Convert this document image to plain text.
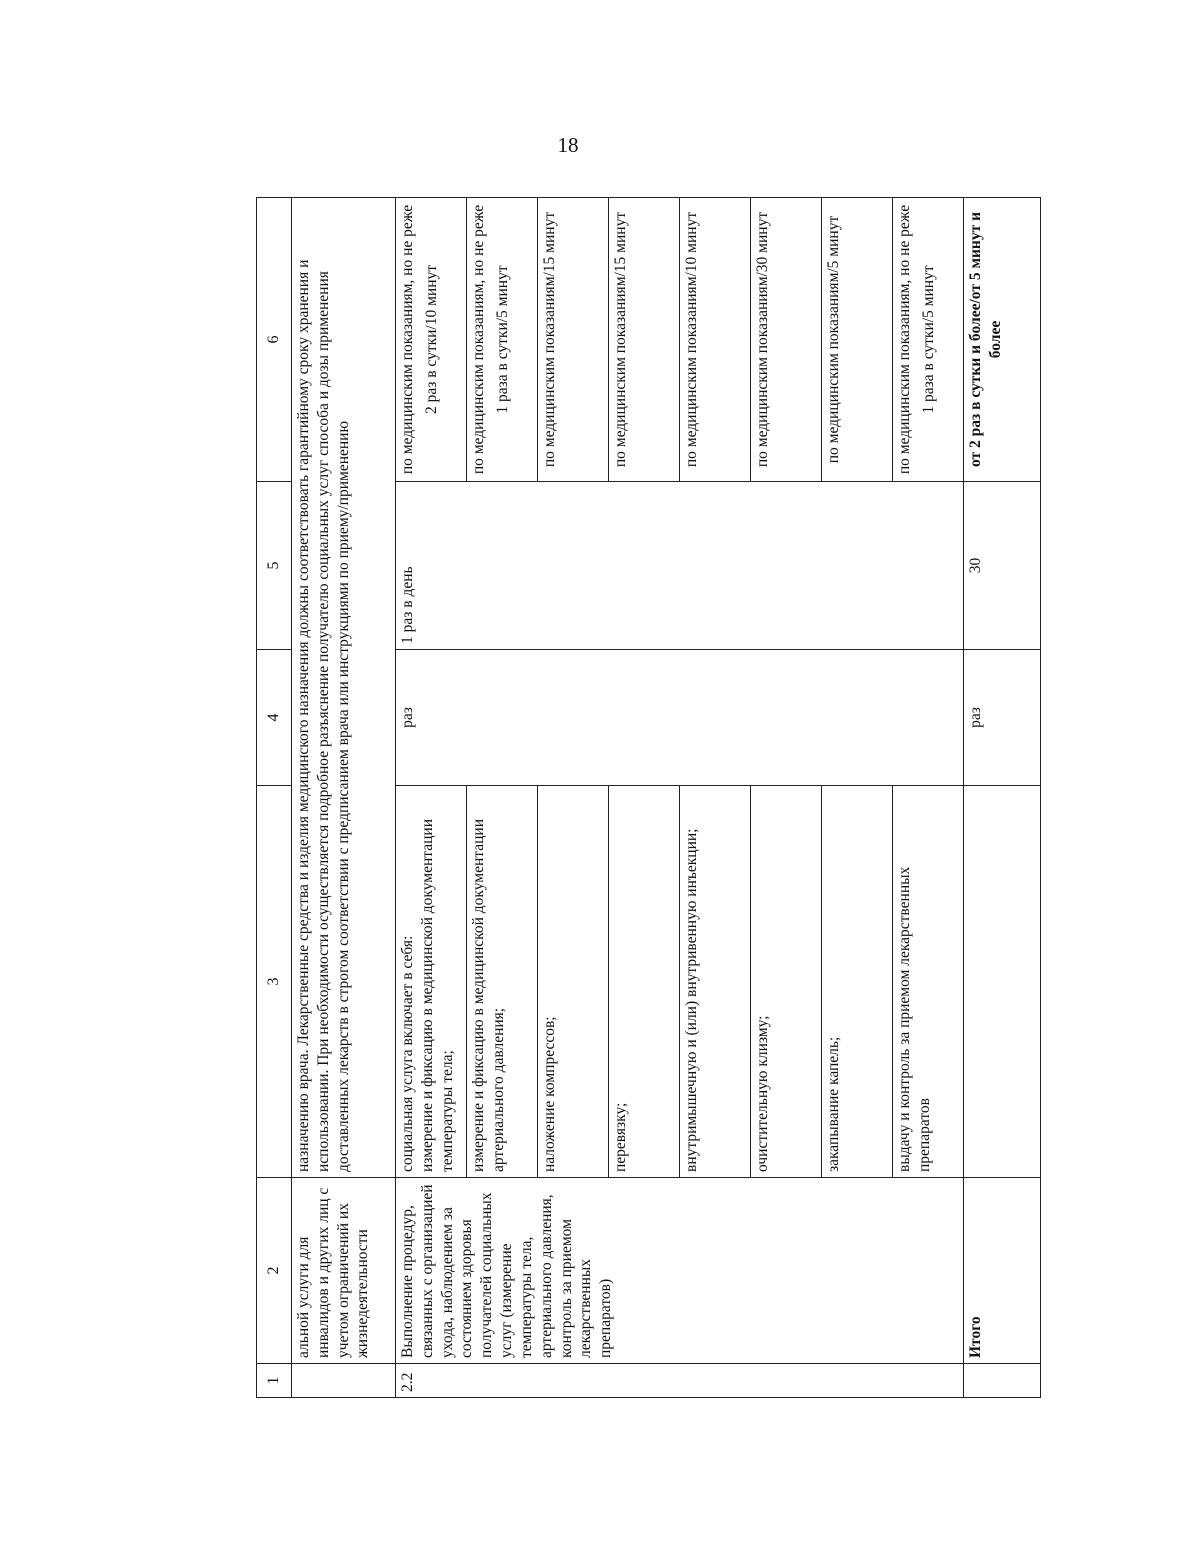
18
1	2	3	4	5	6
	альной услуги для инвалидов и других лиц с учетом ограничений их жизнедеятельности	назначению врача. Лекарственные средства и изделия медицинского назначения должны соответствовать гарантийному сроку хранения и использовании. При необходимости осуществляется подробное разъяснение получателю социальных услуг способа и дозы применения доставленных лекарств в строгом соответствии с предписанием врача или инструкциями по приему/применению			
2.2	Выполнение процедур, связанных с организацией ухода, наблюдением за состоянием здоровья получателей социальных услуг (измерение температуры тела, артериального давления, контроль за приемом лекарственных препаратов)	социальная услуга включает в себя: измерение и фиксацию в медицинской документации температуры тела;	раз	1 раз в день	по медицинским показаниям, но не реже 2 раз в сутки/10 минут

		измерение и фиксацию в медицинской документации артериального давления;			по медицинским показаниям, но не реже 1 раза в сутки/5 минут

		наложение компрессов;			по медицинским показаниям/15 минут
		перевязку;			по медицинским показаниям/15 минут
		внутримышечную и (или) внутривенную инъекции;			по медицинским показаниям/10 минут
		очистительную клизму;			по медицинским показаниям/30 минут
		закапывание капель;			по медицинским показаниям/5 минут
		выдачу и контроль за приемом лекарственных препаратов			по медицинским показаниям, но не реже 1 раза в сутки/5 минут

	Итого		раз	30	от 2 раз в сутки и более/от 5 минут и более
